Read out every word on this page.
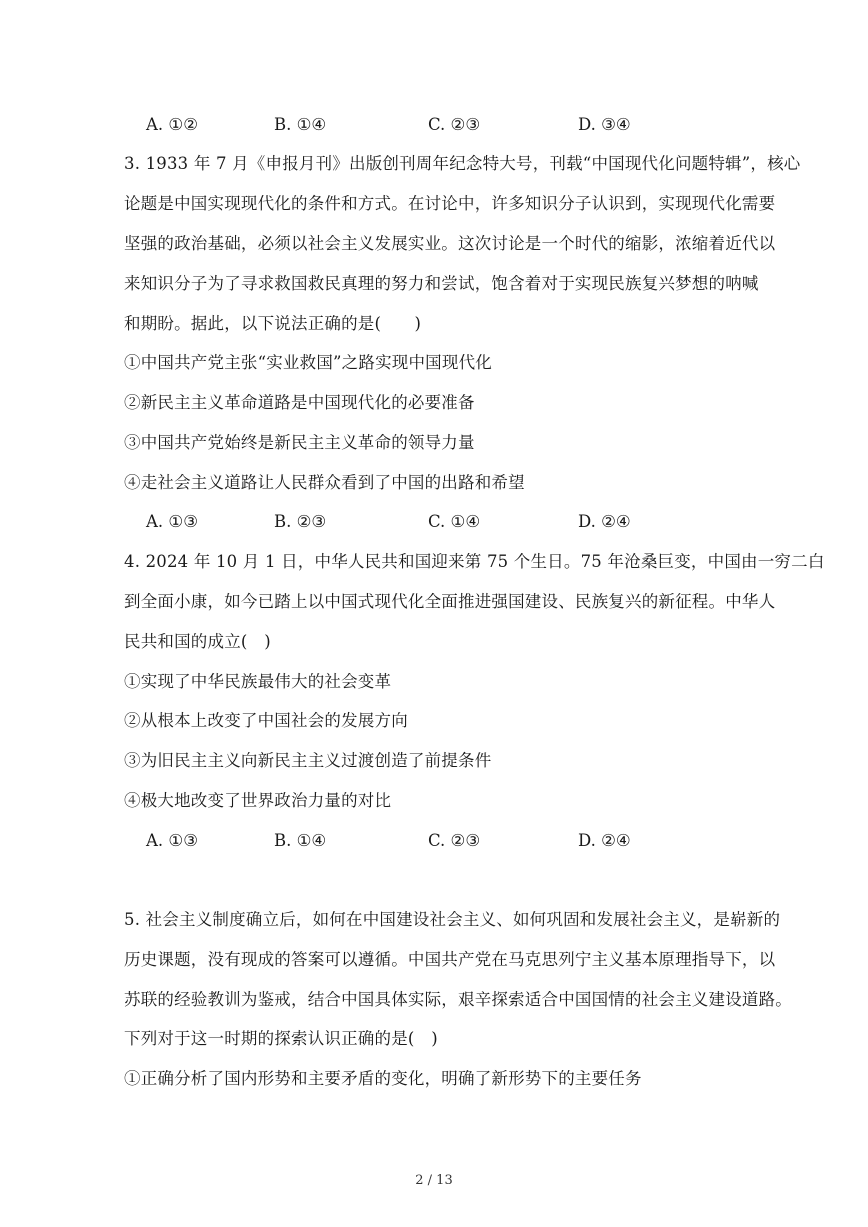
A. ①②	B. ①④	C. ②③	D. ③④
3. 1933 年 7 月《申报月刊》出版创刊周年纪念特大号，刊载“中国现代化问题特辑”，核心
论题是中国实现现代化的条件和方式。在讨论中，许多知识分子认识到，实现现代化需要
坚强的政治基础，必须以社会主义发展实业。这次讨论是一个时代的缩影，浓缩着近代以
来知识分子为了寻求救国救民真理的努力和尝试，饱含着对于实现民族复兴梦想的呐喊
和期盼。据此，以下说法正确的是(　　)
①中国共产党主张“实业救国”之路实现中国现代化
②新民主主义革命道路是中国现代化的必要准备
③中国共产党始终是新民主主义革命的领导力量
④走社会主义道路让人民群众看到了中国的出路和希望
A. ①③	B. ②③	C. ①④	D. ②④
4. 2024 年 10 月 1 日，中华人民共和国迎来第 75 个生日。75 年沧桑巨变，中国由一穷二白
到全面小康，如今已踏上以中国式现代化全面推进强国建设、民族复兴的新征程。中华人
民共和国的成立(　)
①实现了中华民族最伟大的社会变革
②从根本上改变了中国社会的发展方向
③为旧民主主义向新民主主义过渡创造了前提条件
④极大地改变了世界政治力量的对比
A. ①③	B. ①④	C. ②③	D. ②④
5. 社会主义制度确立后，如何在中国建设社会主义、如何巩固和发展社会主义，是崭新的
历史课题，没有现成的答案可以遵循。中国共产党在马克思列宁主义基本原理指导下，以
苏联的经验教训为鉴戒，结合中国具体实际，艰辛探索适合中国国情的社会主义建设道路。
下列对于这一时期的探索认识正确的是(　)
①正确分析了国内形势和主要矛盾的变化，明确了新形势下的主要任务
2 / 13
